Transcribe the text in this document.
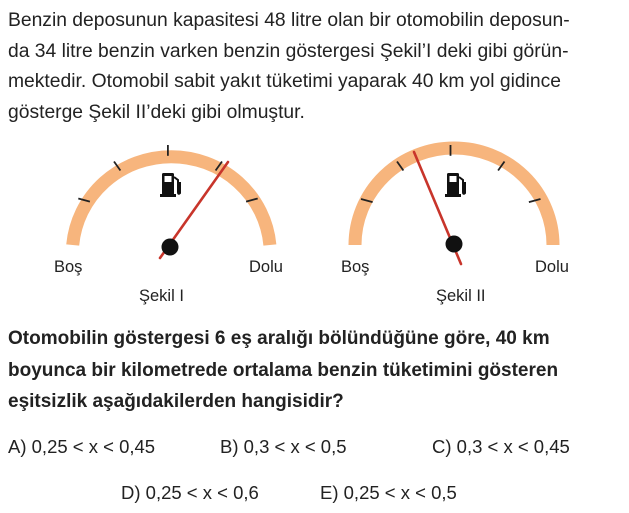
Benzin deposunun kapasitesi 48 litre olan bir otomobilin deposun-
da 34 litre benzin varken benzin göstergesi Şekil’I deki gibi görün-
mektedir. Otomobil sabit yakıt tüketimi yaparak 40 km yol gidince
gösterge Şekil II’deki gibi olmuştur.

Boş	Dolu
Şekil I
Boş	Dolu
Şekil II

Otomobilin göstergesi 6 eş aralığı bölündüğüne göre, 40 km
boyunca bir kilometrede ortalama benzin tüketimini gösteren
eşitsizlik aşağıdakilerden hangisidir?

A) 0,25 < x < 0,45	B) 0,3 < x < 0,5	C) 0,3 < x < 0,45
D) 0,25 < x < 0,6	E) 0,25 < x < 0,5
